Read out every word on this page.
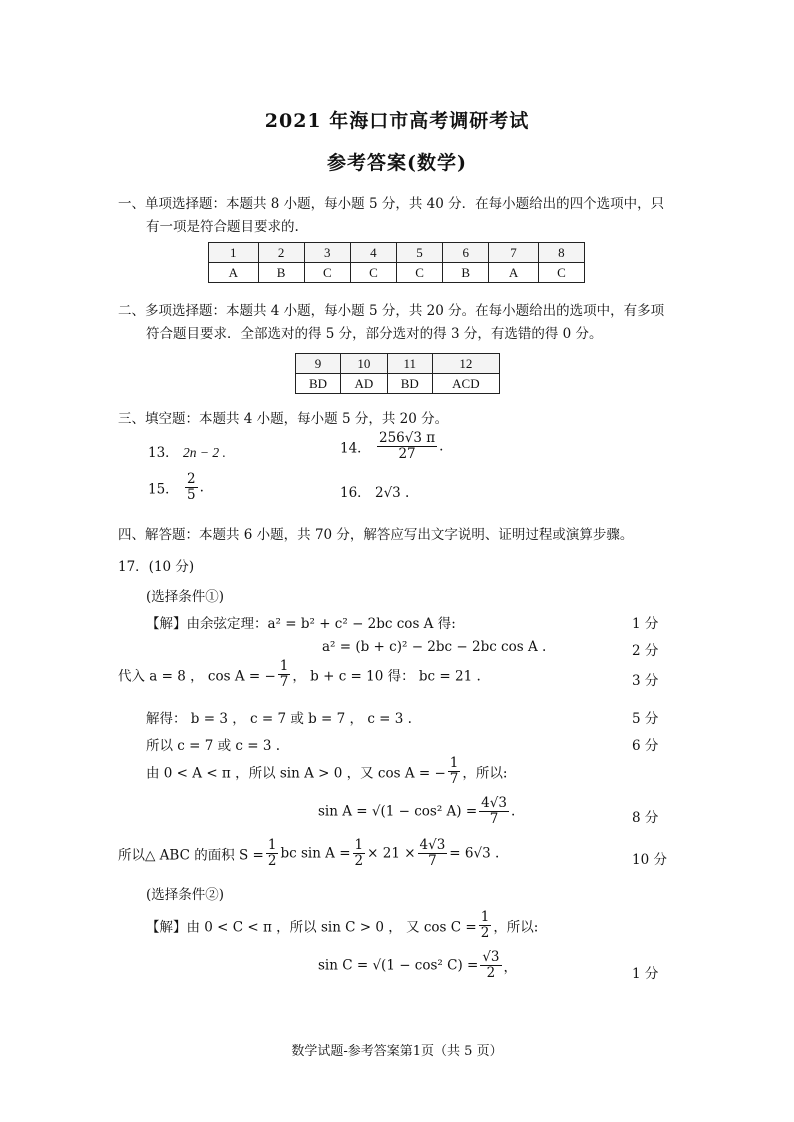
2021 年海口市高考调研考试
参考答案(数学)
一、单项选择题：本题共 8 小题，每小题 5 分，共 40 分．在每小题给出的四个选项中，只
有一项是符合题目要求的.
1	2	3	4	5	6	7	8
A	B	C	C	C	B	A	C
二、多项选择题：本题共 4 小题，每小题 5 分，共 20 分。在每小题给出的选项中，有多项
符合题目要求．全部选对的得 5 分，部分选对的得 3 分，有选错的得 0 分。
9	10	11	12
BD	AD	BD	ACD
三、填空题：本题共 4 小题，每小题 5 分，共 20 分。
13． 2n − 2 .	14． $\frac{256√3 \pi}{27}$ .
15． $\frac{2}{5}$ .	16． 2√3 .
四、解答题：本题共 6 小题，共 70 分，解答应写出文字说明、证明过程或演算步骤。
17．(10 分)
(选择条件①)
【解】由余弦定理：a² = b² + c² − 2bc cos A 得:	1 分
a² = (b + c)² − 2bc − 2bc cos A .	2 分
代入 a = 8 ， cos A = − $\frac{1}{7}$ ， b + c = 10 得： bc = 21 .	3 分
解得： b = 3 ， c = 7 或 b = 7 ， c = 3 .	5 分
所以 c = 7 或 c = 3 .	6 分
由 0 < A < π ，所以 sin A > 0 ，又 cos A = − $\frac{1}{7}$ ，所以:
sin A = √(1 − cos² $A) = \frac{4√3}{7}$ .	8 分
所以△ ABC 的面积 $S = \frac{1}{2}$ bc $\sin A = \frac{1}{2} \times 21 \times \frac{4√3}{7} = 6√3$ .	10 分
(选择条件②)
【解】由 0 < C < π ，所以 sin C > 0 ， 又 $\cos C = \frac{1}{2}$ ，所以:
sin C = √(1 − cos² $C) = \frac{√3}{2}$ ，	1 分
数学试题-参考答案第1页（共 5 页）
